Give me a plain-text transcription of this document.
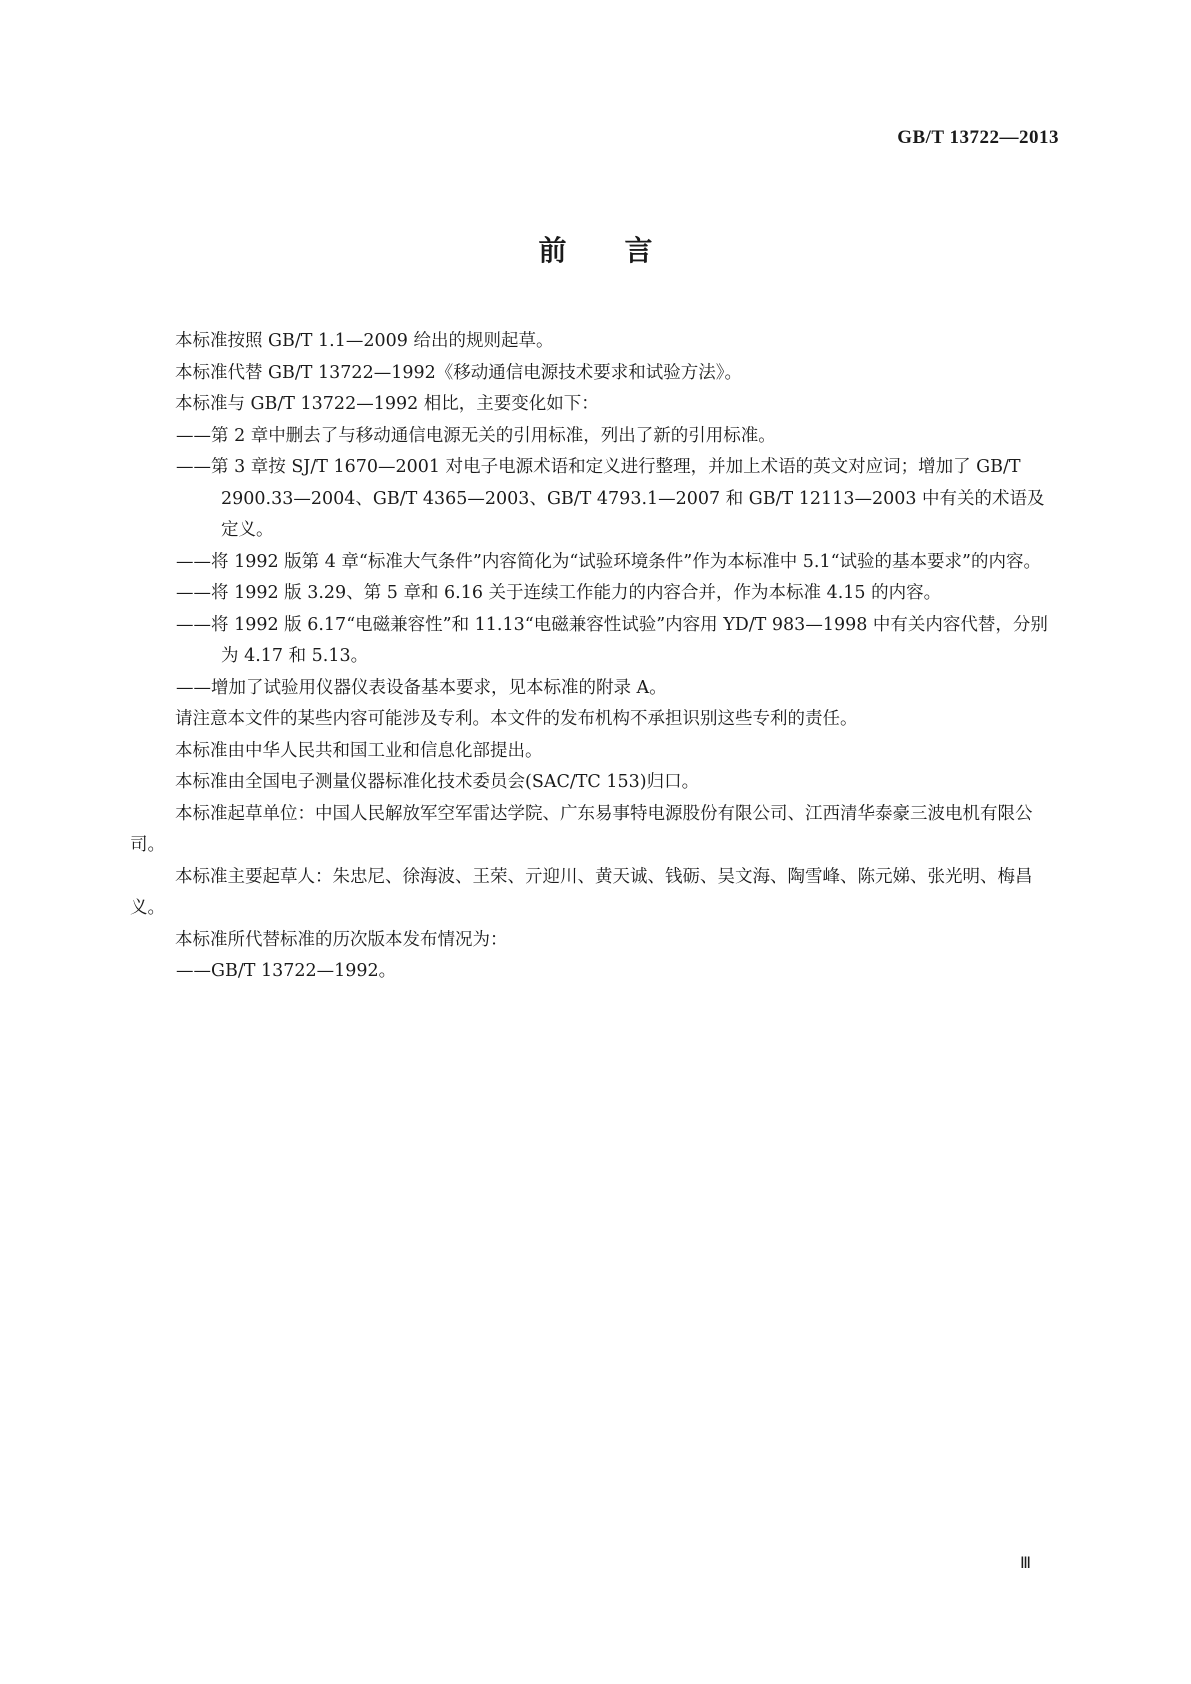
GB/T 13722—2013
前言

本标准按照 GB/T 1.1—2009 给出的规则起草。

本标准代替 GB/T 13722—1992《移动通信电源技术要求和试验方法》。

本标准与 GB/T 13722—1992 相比，主要变化如下：

——第 2 章中删去了与移动通信电源无关的引用标准，列出了新的引用标准。

——第 3 章按 SJ/T 1670—2001 对电子电源术语和定义进行整理，并加上术语的英文对应词；增加了 GB/T 2900.33—2004、GB/T 4365—2003、GB/T 4793.1—2007 和 GB/T 12113—2003 中有关的术语及定义。

——将 1992 版第 4 章“标准大气条件”内容简化为“试验环境条件”作为本标准中 5.1“试验的基本要求”的内容。

——将 1992 版 3.29、第 5 章和 6.16 关于连续工作能力的内容合并，作为本标准 4.15 的内容。

——将 1992 版 6.17“电磁兼容性”和 11.13“电磁兼容性试验”内容用 YD/T 983—1998 中有关内容代替，分别为 4.17 和 5.13。

——增加了试验用仪器仪表设备基本要求，见本标准的附录 A。

请注意本文件的某些内容可能涉及专利。本文件的发布机构不承担识别这些专利的责任。

本标准由中华人民共和国工业和信息化部提出。

本标准由全国电子测量仪器标准化技术委员会(SAC/TC 153)归口。

本标准起草单位：中国人民解放军空军雷达学院、广东易事特电源股份有限公司、江西清华泰豪三波电机有限公司。

本标准主要起草人：朱忠尼、徐海波、王荣、亓迎川、黄天诚、钱砺、吴文海、陶雪峰、陈元娣、张光明、梅昌义。

本标准所代替标准的历次版本发布情况为：

——GB/T 13722—1992。

Ⅲ
